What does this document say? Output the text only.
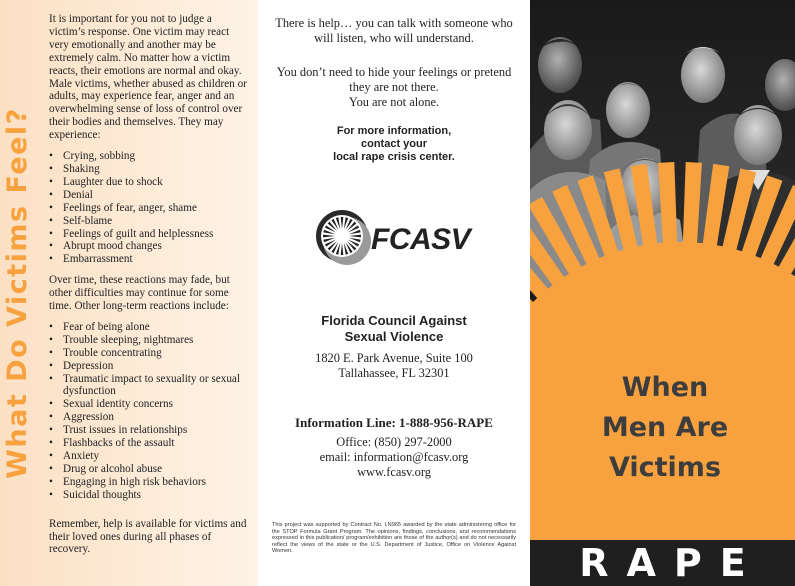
What Do Victims Feel?

It is important for you not to judge a victim’s response. One victim may react very emotionally and another may be extremely calm. No matter how a victim reacts, their emotions are normal and okay. Male victims, whether abused as children or adults, may experience fear, anger and an overwhelming sense of loss of control over their bodies and themselves. They may experience:

• Crying, sobbing
• Shaking
• Laughter due to shock
• Denial
• Feelings of fear, anger, shame
• Self-blame
• Feelings of guilt and helplessness
• Abrupt mood changes
• Embarrassment

Over time, these reactions may fade, but other difficulties may continue for some time. Other long-term reactions include:

• Fear of being alone
• Trouble sleeping, nightmares
• Trouble concentrating
• Depression
• Traumatic impact to sexuality or sexual dysfunction
• Sexual identity concerns
• Aggression
• Trust issues in relationships
• Flashbacks of the assault
• Anxiety
• Drug or alcohol abuse
• Engaging in high risk behaviors
• Suicidal thoughts

Remember, help is available for victims and their loved ones during all phases of recovery.

There is help… you can talk with someone who will listen, who will understand.
You don’t need to hide your feelings or pretend they are not there.
You are not alone.
For more information,
contact your
local rape crisis center.
FCASV
Florida Council Against
Sexual Violence
1820 E. Park Avenue, Suite 100
Tallahassee, FL 32301
Information Line: 1-888-956-RAPE
Office: (850) 297-2000
email: information@fcasv.org
www.fcasv.org
This project was supported by Contract No. LN965 awarded by the state administering office for the STOP Formula Grant Program. The opinions, findings, conclusions, and recommendations expressed in this publication/ program/exhibition are those of the author(s) and do not necessarily reflect the views of the state or the U.S. Department of Justice, Office on Violence Against Women.
When
Men Are
Victims
RAPE
